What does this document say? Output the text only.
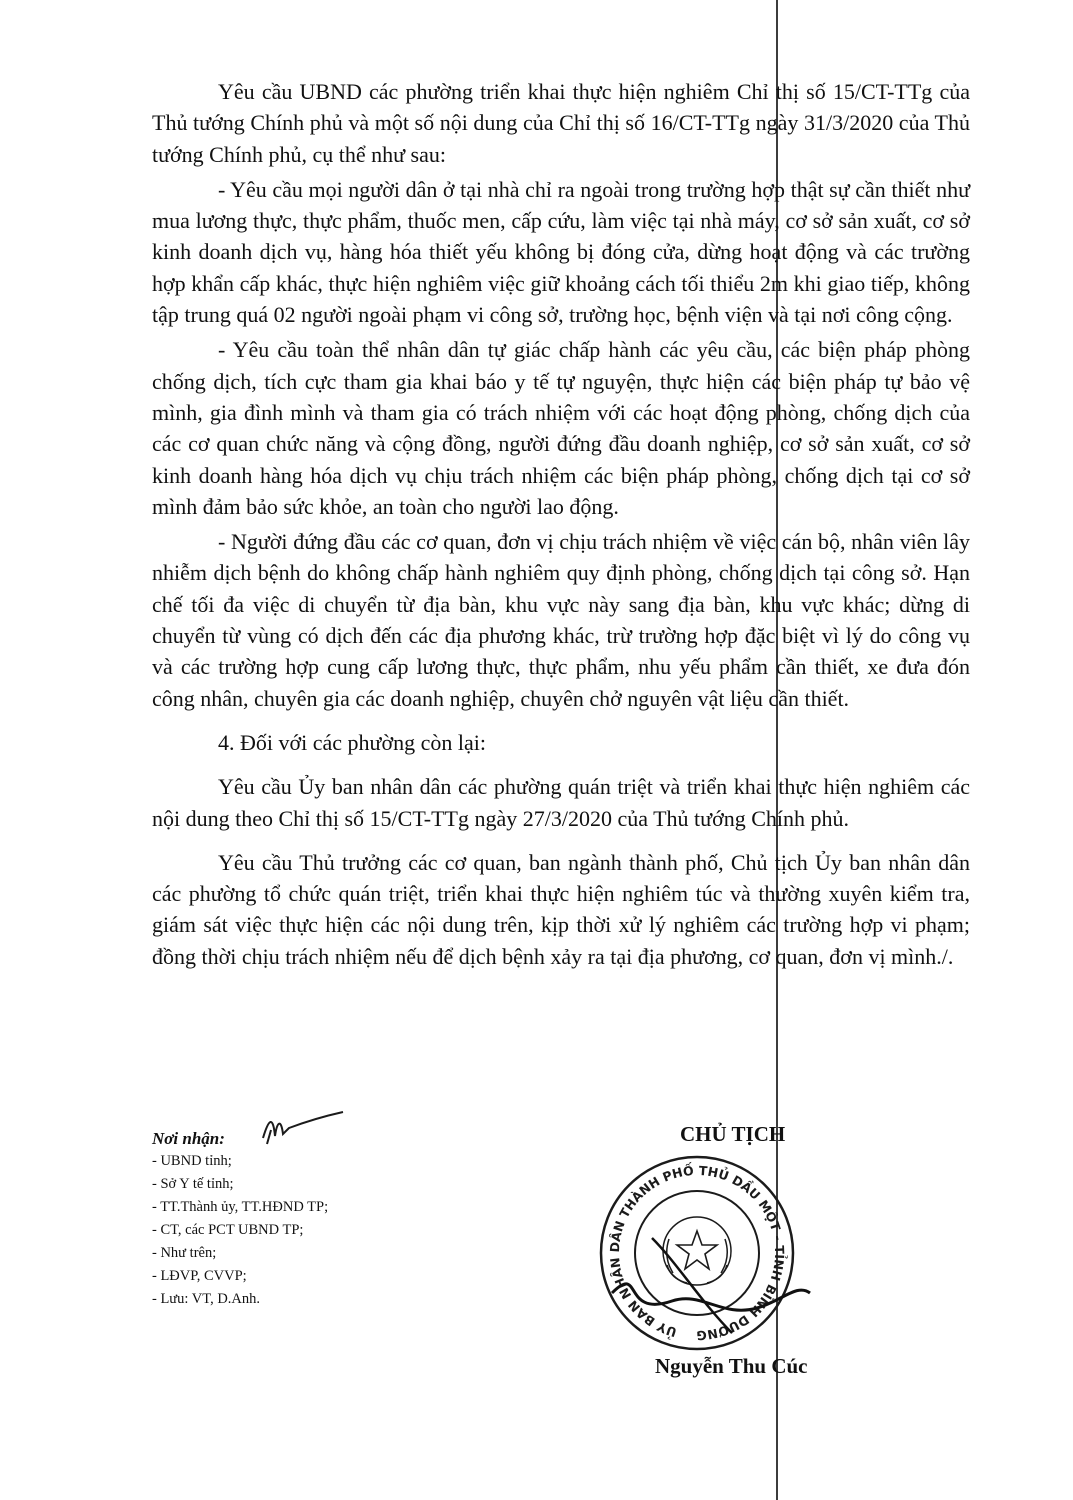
Yêu cầu UBND các phường triển khai thực hiện nghiêm Chỉ thị số 15/CT-TTg của Thủ tướng Chính phủ và một số nội dung của Chỉ thị số 16/CT-TTg ngày 31/3/2020 của Thủ tướng Chính phủ, cụ thể như sau:

- Yêu cầu mọi người dân ở tại nhà chỉ ra ngoài trong trường hợp thật sự cần thiết như mua lương thực, thực phẩm, thuốc men, cấp cứu, làm việc tại nhà máy, cơ sở sản xuất, cơ sở kinh doanh dịch vụ, hàng hóa thiết yếu không bị đóng cửa, dừng hoạt động và các trường hợp khẩn cấp khác, thực hiện nghiêm việc giữ khoảng cách tối thiểu 2m khi giao tiếp, không tập trung quá 02 người ngoài phạm vi công sở, trường học, bệnh viện và tại nơi công cộng.

- Yêu cầu toàn thể nhân dân tự giác chấp hành các yêu cầu, các biện pháp phòng chống dịch, tích cực tham gia khai báo y tế tự nguyện, thực hiện các biện pháp tự bảo vệ mình, gia đình mình và tham gia có trách nhiệm với các hoạt động phòng, chống dịch của các cơ quan chức năng và cộng đồng, người đứng đầu doanh nghiệp, cơ sở sản xuất, cơ sở kinh doanh hàng hóa dịch vụ chịu trách nhiệm các biện pháp phòng, chống dịch tại cơ sở mình đảm bảo sức khỏe, an toàn cho người lao động.

- Người đứng đầu các cơ quan, đơn vị chịu trách nhiệm về việc cán bộ, nhân viên lây nhiễm dịch bệnh do không chấp hành nghiêm quy định phòng, chống dịch tại công sở. Hạn chế tối đa việc di chuyển từ địa bàn, khu vực này sang địa bàn, khu vực khác; dừng di chuyển từ vùng có dịch đến các địa phương khác, trừ trường hợp đặc biệt vì lý do công vụ và các trường hợp cung cấp lương thực, thực phẩm, nhu yếu phẩm cần thiết, xe đưa đón công nhân, chuyên gia các doanh nghiệp, chuyên chở nguyên vật liệu cần thiết.

4. Đối với các phường còn lại:

Yêu cầu Ủy ban nhân dân các phường quán triệt và triển khai thực hiện nghiêm các nội dung theo Chỉ thị số 15/CT-TTg ngày 27/3/2020 của Thủ tướng Chính phủ.

Yêu cầu Thủ trưởng các cơ quan, ban ngành thành phố, Chủ tịch Ủy ban nhân dân các phường tổ chức quán triệt, triển khai thực hiện nghiêm túc và thường xuyên kiểm tra, giám sát việc thực hiện các nội dung trên, kịp thời xử lý nghiêm các trường hợp vi phạm; đồng thời chịu trách nhiệm nếu để dịch bệnh xảy ra tại địa phương, cơ quan, đơn vị mình./.

Nơi nhận:
- UBND tỉnh;
- Sở Y tế tỉnh;
- TT.Thành ủy, TT.HĐND TP;
- CT, các PCT UBND TP;
- Như trên;
- LĐVP, CVVP;
- Lưu: VT, D.Anh.
CHỦ TỊCH
ỦY BAN NHÂN DÂN THÀNH PHỐ THỦ DẦU MỘT - TỈNH BÌNH DƯƠNG
Nguyễn Thu Cúc
